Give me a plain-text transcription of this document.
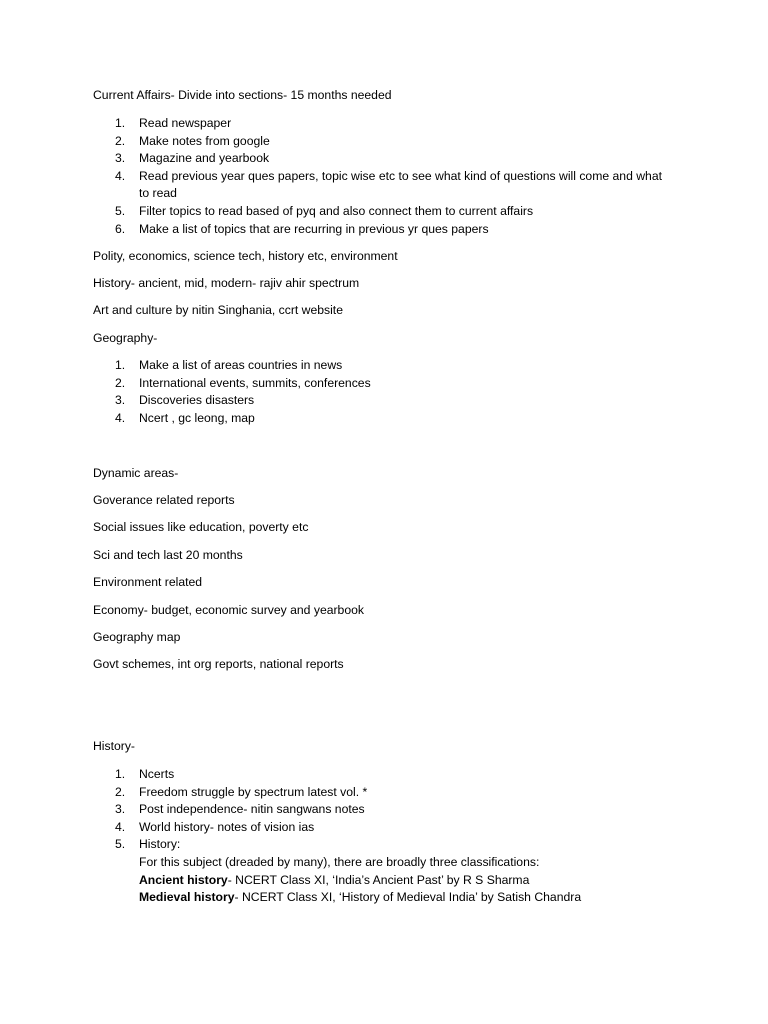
Current Affairs- Divide into sections- 15 months needed

1. Read newspaper
2. Make notes from google
3. Magazine and yearbook
4. Read previous year ques papers, topic wise etc to see what kind of questions will come and what to read
5. Filter topics to read based of pyq and also connect them to current affairs
6. Make a list of topics that are recurring in previous yr ques papers

Polity, economics, science tech, history etc, environment

History- ancient, mid, modern- rajiv ahir spectrum

Art and culture by nitin Singhania, ccrt website

Geography-

1. Make a list of areas countries in news
2. International events, summits, conferences
3. Discoveries disasters
4. Ncert , gc leong, map

Dynamic areas-

Goverance related reports

Social issues like education, poverty etc

Sci and tech last 20 months

Environment related

Economy- budget, economic survey and yearbook

Geography map

Govt schemes, int org reports, national reports

History-

1. Ncerts
2. Freedom struggle by spectrum latest vol. *
3. Post independence- nitin sangwans notes
4. World history- notes of vision ias
5. History:
For this subject (dreaded by many), there are broadly three classifications:
Ancient history- NCERT Class XI, ‘India’s Ancient Past’ by R S Sharma
Medieval history- NCERT Class XI, ‘History of Medieval India’ by Satish Chandra
